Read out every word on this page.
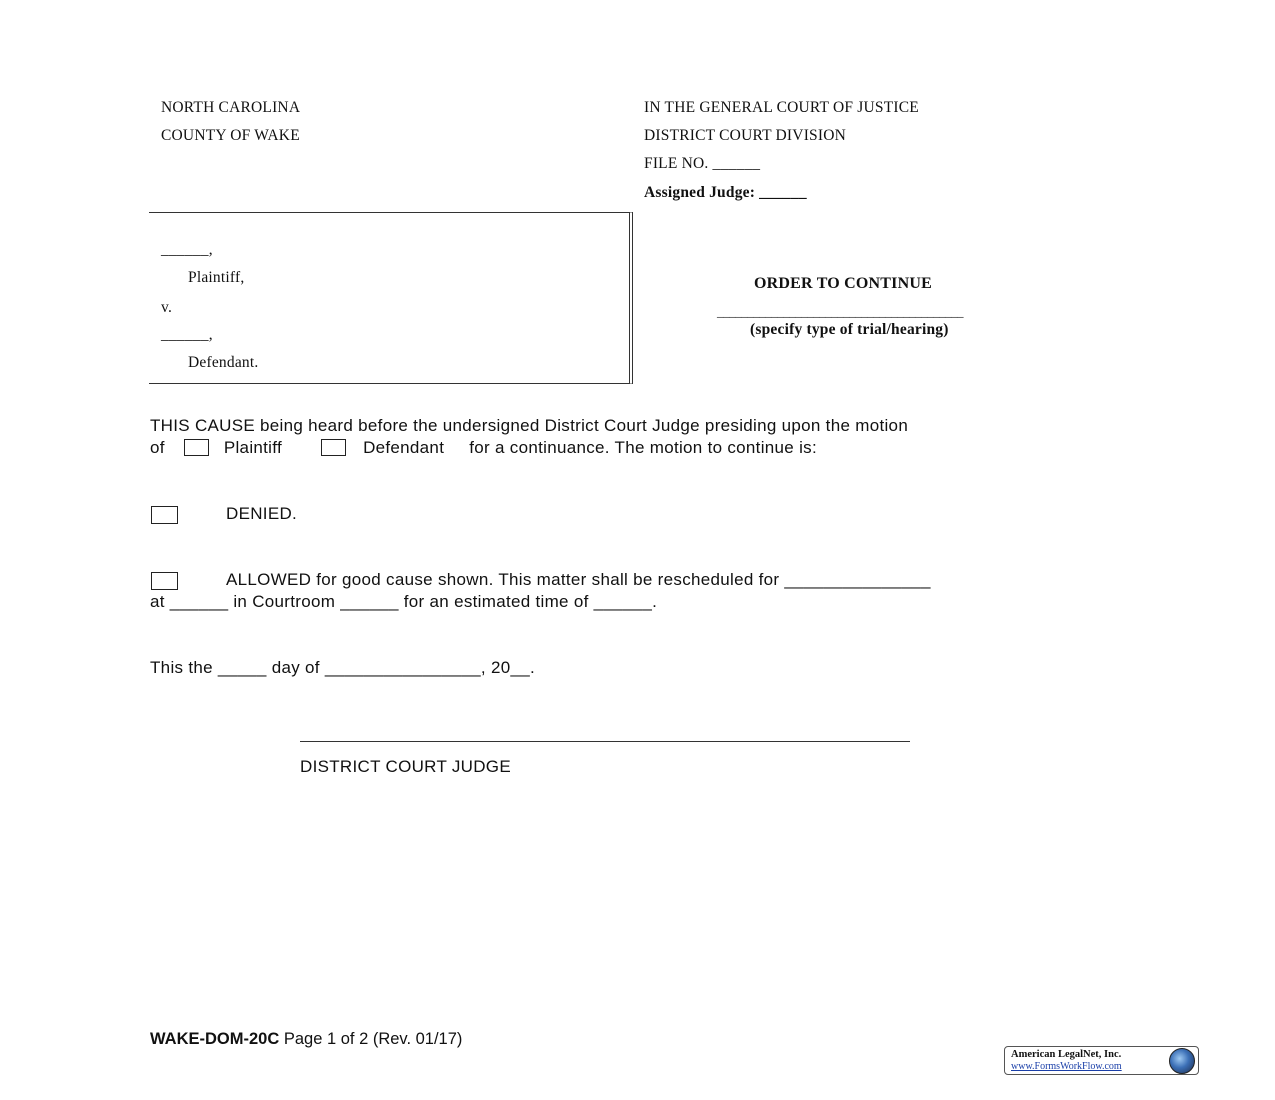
NORTH CAROLINA
COUNTY OF WAKE
IN THE GENERAL COURT OF JUSTICE
DISTRICT COURT DIVISION
FILE NO. ______
Assigned Judge: ______
______,
Plaintiff,
v.
______,
Defendant.
ORDER TO CONTINUE
_________________________________________
(specify type of trial/hearing)
THIS CAUSE being heard before the undersigned District Court Judge presiding upon the motion
of	Plaintiff	Defendant for a continuance. The motion to continue is:
DENIED.
ALLOWED for good cause shown. This matter shall be rescheduled for _______________
at ______ in Courtroom ______ for an estimated time of ______.
This the _____ day of ________________, 20__.
DISTRICT COURT JUDGE
WAKE-DOM-20C Page 1 of 2 (Rev. 01/17)
American LegalNet, Inc.
www.FormsWorkFlow.com
